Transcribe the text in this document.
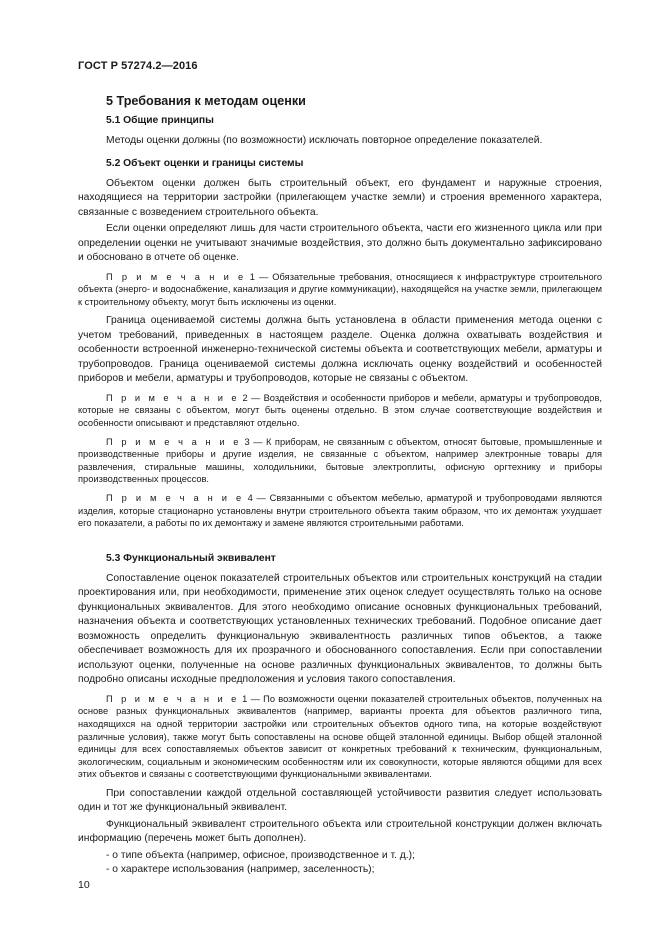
ГОСТ Р 57274.2—2016
5 Требования к методам оценки
5.1 Общие принципы

Методы оценки должны (по возможности) исключать повторное определение показателей.

5.2 Объект оценки и границы системы

Объектом оценки должен быть строительный объект, его фундамент и наружные строения, находящиеся на территории застройки (прилегающем участке земли) и строения временного характера, связанные с возведением строительного объекта.

Если оценки определяют лишь для части строительного объекта, части его жизненного цикла или при определении оценки не учитывают значимые воздействия, это должно быть документально зафиксировано и обосновано в отчете об оценке.

П р и м е ч а н и е 1 — Обязательные требования, относящиеся к инфраструктуре строительного объекта (энерго- и водоснабжение, канализация и другие коммуникации), находящейся на участке земли, прилегающем к строительному объекту, могут быть исключены из оценки.

Граница оцениваемой системы должна быть установлена в области применения метода оценки с учетом требований, приведенных в настоящем разделе. Оценка должна охватывать воздействия и особенности встроенной инженерно-технической системы объекта и соответствующих мебели, арматуры и трубопроводов. Граница оцениваемой системы должна исключать оценку воздействий и особенностей приборов и мебели, арматуры и трубопроводов, которые не связаны с объектом.

П р и м е ч а н и е 2 — Воздействия и особенности приборов и мебели, арматуры и трубопроводов, которые не связаны с объектом, могут быть оценены отдельно. В этом случае соответствующие воздействия и особенности описывают и представляют отдельно.

П р и м е ч а н и е 3 — К приборам, не связанным с объектом, относят бытовые, промышленные и производственные приборы и другие изделия, не связанные с объектом, например электронные товары для развлечения, стиральные машины, холодильники, бытовые электроплиты, офисную оргтехнику и приборы производственных процессов.

П р и м е ч а н и е 4 — Связанными с объектом мебелью, арматурой и трубопроводами являются изделия, которые стационарно установлены внутри строительного объекта таким образом, что их демонтаж ухудшает его показатели, а работы по их демонтажу и замене являются строительными работами.

5.3 Функциональный эквивалент

Сопоставление оценок показателей строительных объектов или строительных конструкций на стадии проектирования или, при необходимости, применение этих оценок следует осуществлять только на основе функциональных эквивалентов. Для этого необходимо описание основных функциональных требований, назначения объекта и соответствующих установленных технических требований. Подобное описание дает возможность определить функциональную эквивалентность различных типов объектов, а также обеспечивает возможность для их прозрачного и обоснованного сопоставления. Если при сопоставлении используют оценки, полученные на основе различных функциональных эквивалентов, то должны быть подробно описаны исходные предположения и условия такого сопоставления.

П р и м е ч а н и е 1 — По возможности оценки показателей строительных объектов, полученных на основе разных функциональных эквивалентов (например, варианты проекта для объектов различного типа, находящихся на одной территории застройки или строительных объектов одного типа, на которые воздействуют различные условия), также могут быть сопоставлены на основе общей эталонной единицы. Выбор общей эталонной единицы для всех сопоставляемых объектов зависит от конкретных требований к техническим, функциональным, экологическим, социальным и экономическим особенностям или их совокупности, которые являются общими для всех этих объектов и связаны с соответствующими функциональными эквивалентами.

При сопоставлении каждой отдельной составляющей устойчивости развития следует использовать один и тот же функциональный эквивалент.

Функциональный эквивалент строительного объекта или строительной конструкции должен включать информацию (перечень может быть дополнен).

- о типе объекта (например, офисное, производственное и т. д.);
- о характере использования (например, заселенность);
10
